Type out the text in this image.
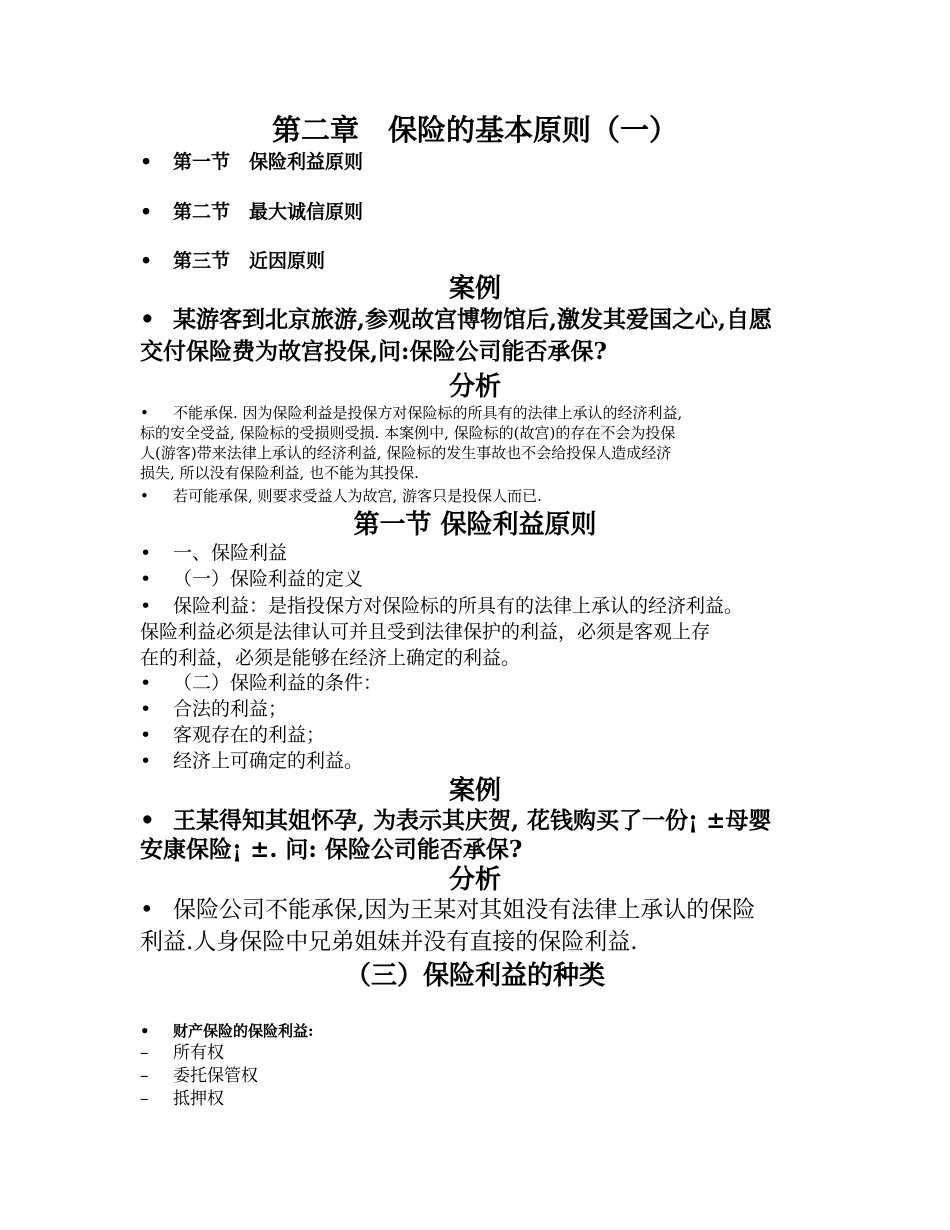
第二章　保险的基本原则（一）
• 第一节　保险利益原则
• 第二节　最大诚信原则
• 第三节　近因原则
案例
• 某游客到北京旅游,参观故宫博物馆后,激发其爱国之心,自愿
交付保险费为故宫投保,问:保险公司能否承保?
分析
• 不能承保. 因为保险利益是投保方对保险标的所具有的法律上承认的经济利益,
标的安全受益, 保险标的受损则受损. 本案例中, 保险标的(故宫)的存在不会为投保
人(游客)带来法律上承认的经济利益, 保险标的发生事故也不会给投保人造成经济
损失, 所以没有保险利益, 也不能为其投保.
• 若可能承保, 则要求受益人为故宫, 游客只是投保人而已.
第一节 保险利益原则
• 一、保险利益
• （一）保险利益的定义
• 保险利益：是指投保方对保险标的所具有的法律上承认的经济利益。
保险利益必须是法律认可并且受到法律保护的利益，必须是客观上存
在的利益，必须是能够在经济上确定的利益。
• （二）保险利益的条件：
• 合法的利益；
• 客观存在的利益；
• 经济上可确定的利益。
案例
• 王某得知其姐怀孕, 为表示其庆贺, 花钱购买了一份¡ ±母婴
安康保险¡ ±. 问: 保险公司能否承保?
分析
• 保险公司不能承保,因为王某对其姐没有法律上承认的保险
利益.人身保险中兄弟姐妹并没有直接的保险利益.
（三）保险利益的种类
• 财产保险的保险利益:
– 所有权
– 委托保管权
– 抵押权
